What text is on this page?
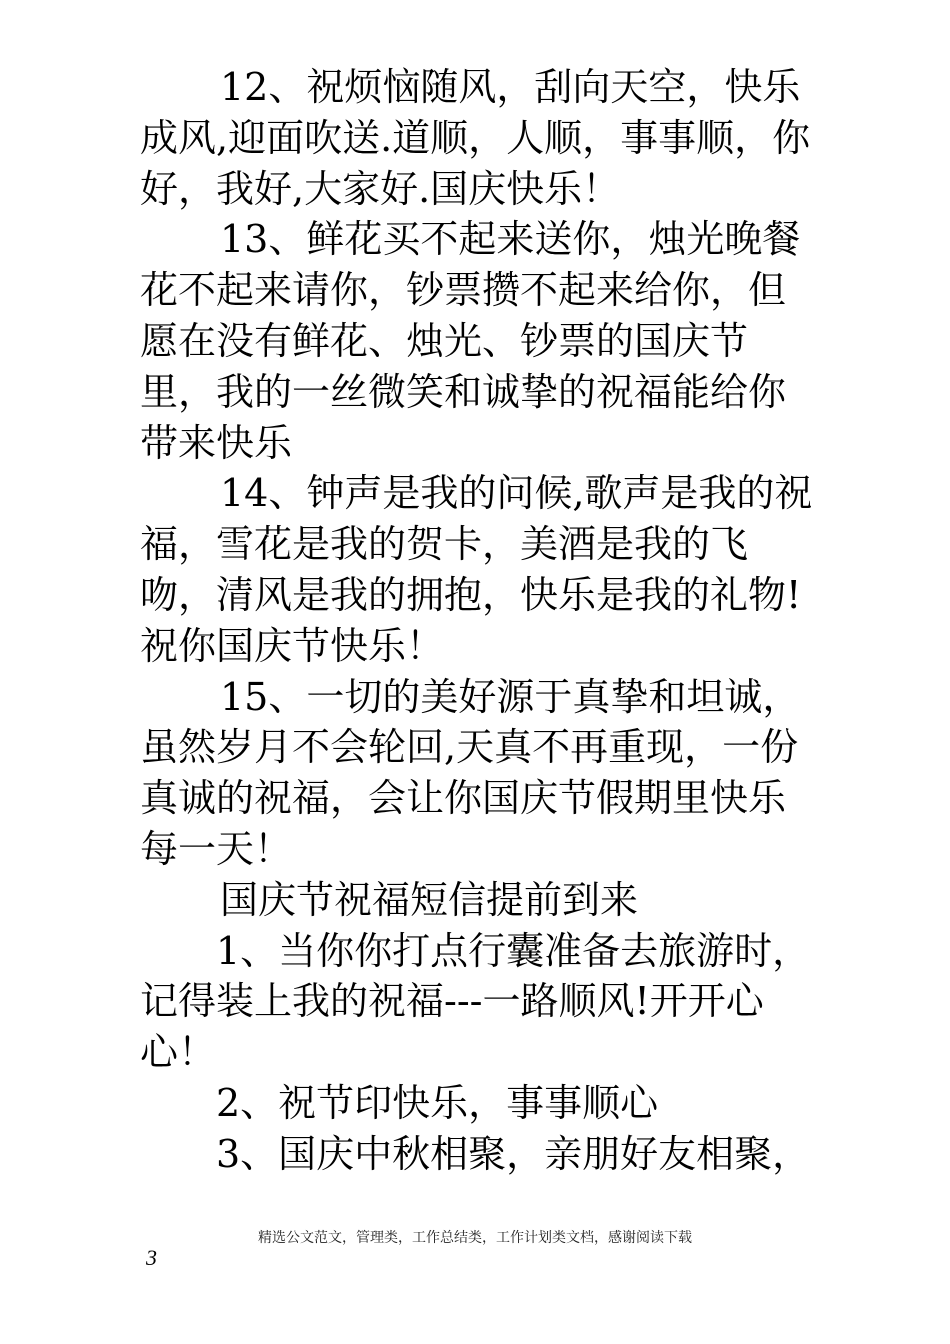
12、祝烦恼随风，刮向天空，快乐成风,迎面吹送.道顺，人顺，事事顺，你好，我好,大家好.国庆快乐！

13、鲜花买不起来送你，烛光晚餐花不起来请你，钞票攒不起来给你，但愿在没有鲜花、烛光、钞票的国庆节里，我的一丝微笑和诚挚的祝福能给你带来快乐

14、钟声是我的问候,歌声是我的祝福，雪花是我的贺卡，美酒是我的飞吻，清风是我的拥抱，快乐是我的礼物!祝你国庆节快乐！

15、一切的美好源于真挚和坦诚，虽然岁月不会轮回,天真不再重现，一份真诚的祝福，会让你国庆节假期里快乐每一天！

国庆节祝福短信提前到来

1、当你你打点行囊准备去旅游时，记得装上我的祝福---一路顺风!开开心心！

2、祝节印快乐，事事顺心

3、国庆中秋相聚，亲朋好友相聚，

精选公文范文，管理类，工作总结类，工作计划类文档，感谢阅读下载
3
